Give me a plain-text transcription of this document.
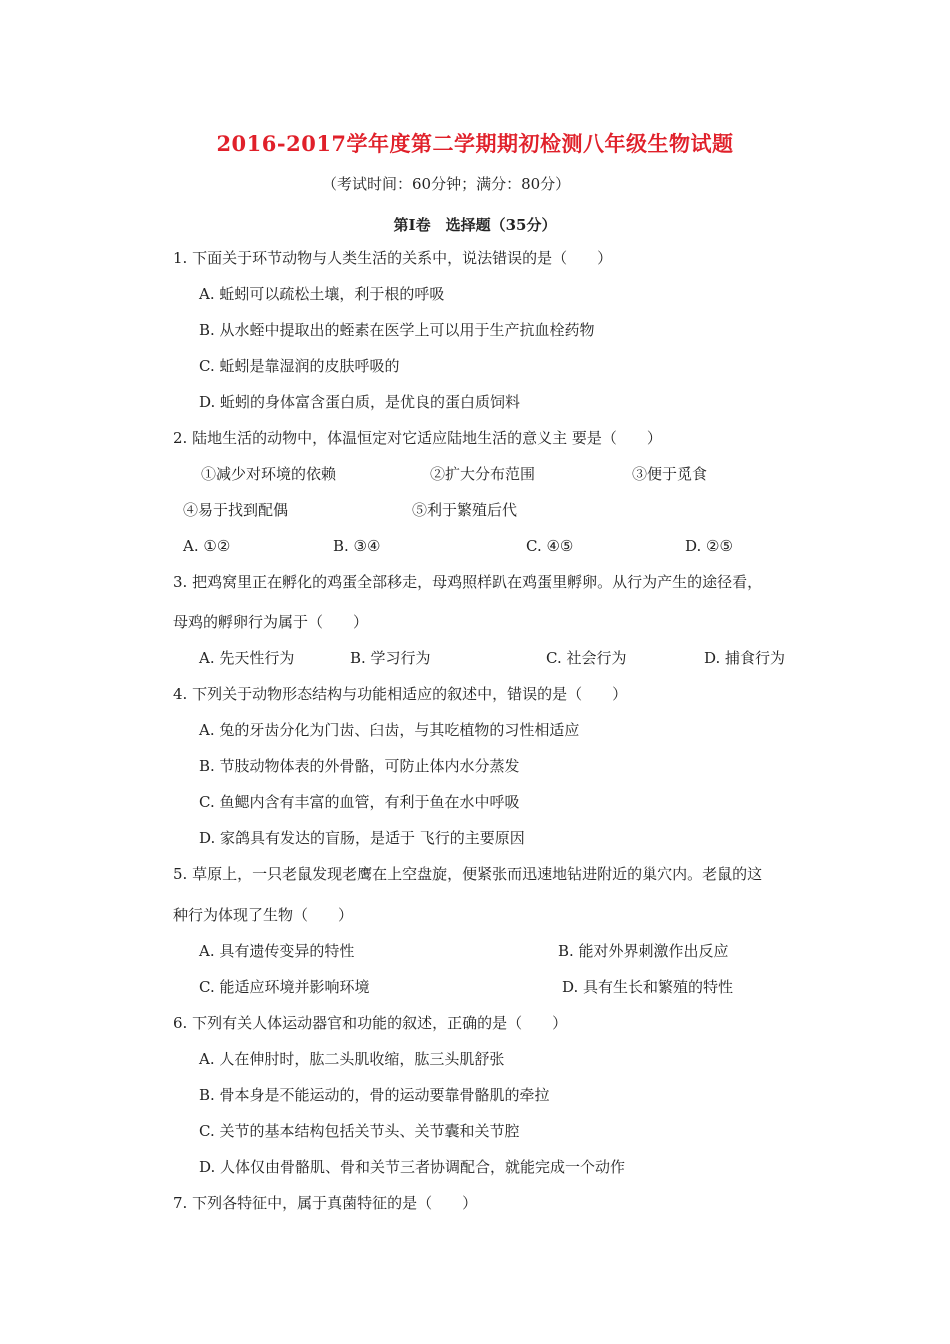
2016-2017学年度第二学期期初检测八年级生物试题
（考试时间：60分钟；满分：80分）
第Ⅰ卷　选择题（35分）
1. 下面关于环节动物与人类生活的关系中，说法错误的是（　　）
A. 蚯蚓可以疏松土壤，利于根的呼吸
B. 从水蛭中提取出的蛭素在医学上可以用于生产抗血栓药物
C. 蚯蚓是靠湿润的皮肤呼吸的
D. 蚯蚓的身体富含蛋白质，是优良的蛋白质饲料
2. 陆地生活的动物中，体温恒定对它适应陆地生活的意义主 要是（　　）
①减少对环境的依赖	②扩大分布范围	③便于觅食
④易于找到配偶	⑤利于繁殖后代
A. ①②	B. ③④	C. ④⑤	D. ②⑤
3. 把鸡窝里正在孵化的鸡蛋全部移走，母鸡照样趴在鸡蛋里孵卵。从行为产生的途径看，
母鸡的孵卵行为属于（　　）
A. 先天性行为	B. 学习行为	C. 社会行为	D. 捕食行为
4. 下列关于动物形态结构与功能相适应的叙述中，错误的是（　　）
A. 兔的牙齿分化为门齿、臼齿，与其吃植物的习性相适应
B. 节肢动物体表的外骨骼，可防止体内水分蒸发
C. 鱼鳃内含有丰富的血管，有利于鱼在水中呼吸
D. 家鸽具有发达的盲肠，是适于 飞行的主要原因
5. 草原上，一只老鼠发现老鹰在上空盘旋，便紧张而迅速地钻进附近的巢穴内。老鼠的这
种行为体现了生物（　　）
A. 具有遗传变异的特性	B. 能对外界刺激作出反应
C. 能适应环境并影响环境	D. 具有生长和繁殖的特性
6. 下列有关人体运动器官和功能的叙述，正确的是（　　）
A. 人在伸肘时，肱二头肌收缩，肱三头肌舒张
B. 骨本身是不能运动的，骨的运动要靠骨骼肌的牵拉
C. 关节的基本结构包括关节头、关节囊和关节腔
D. 人体仅由骨骼肌、骨和关节三者协调配合，就能完成一个动作
7. 下列各特征中，属于真菌特征的是（　　）
